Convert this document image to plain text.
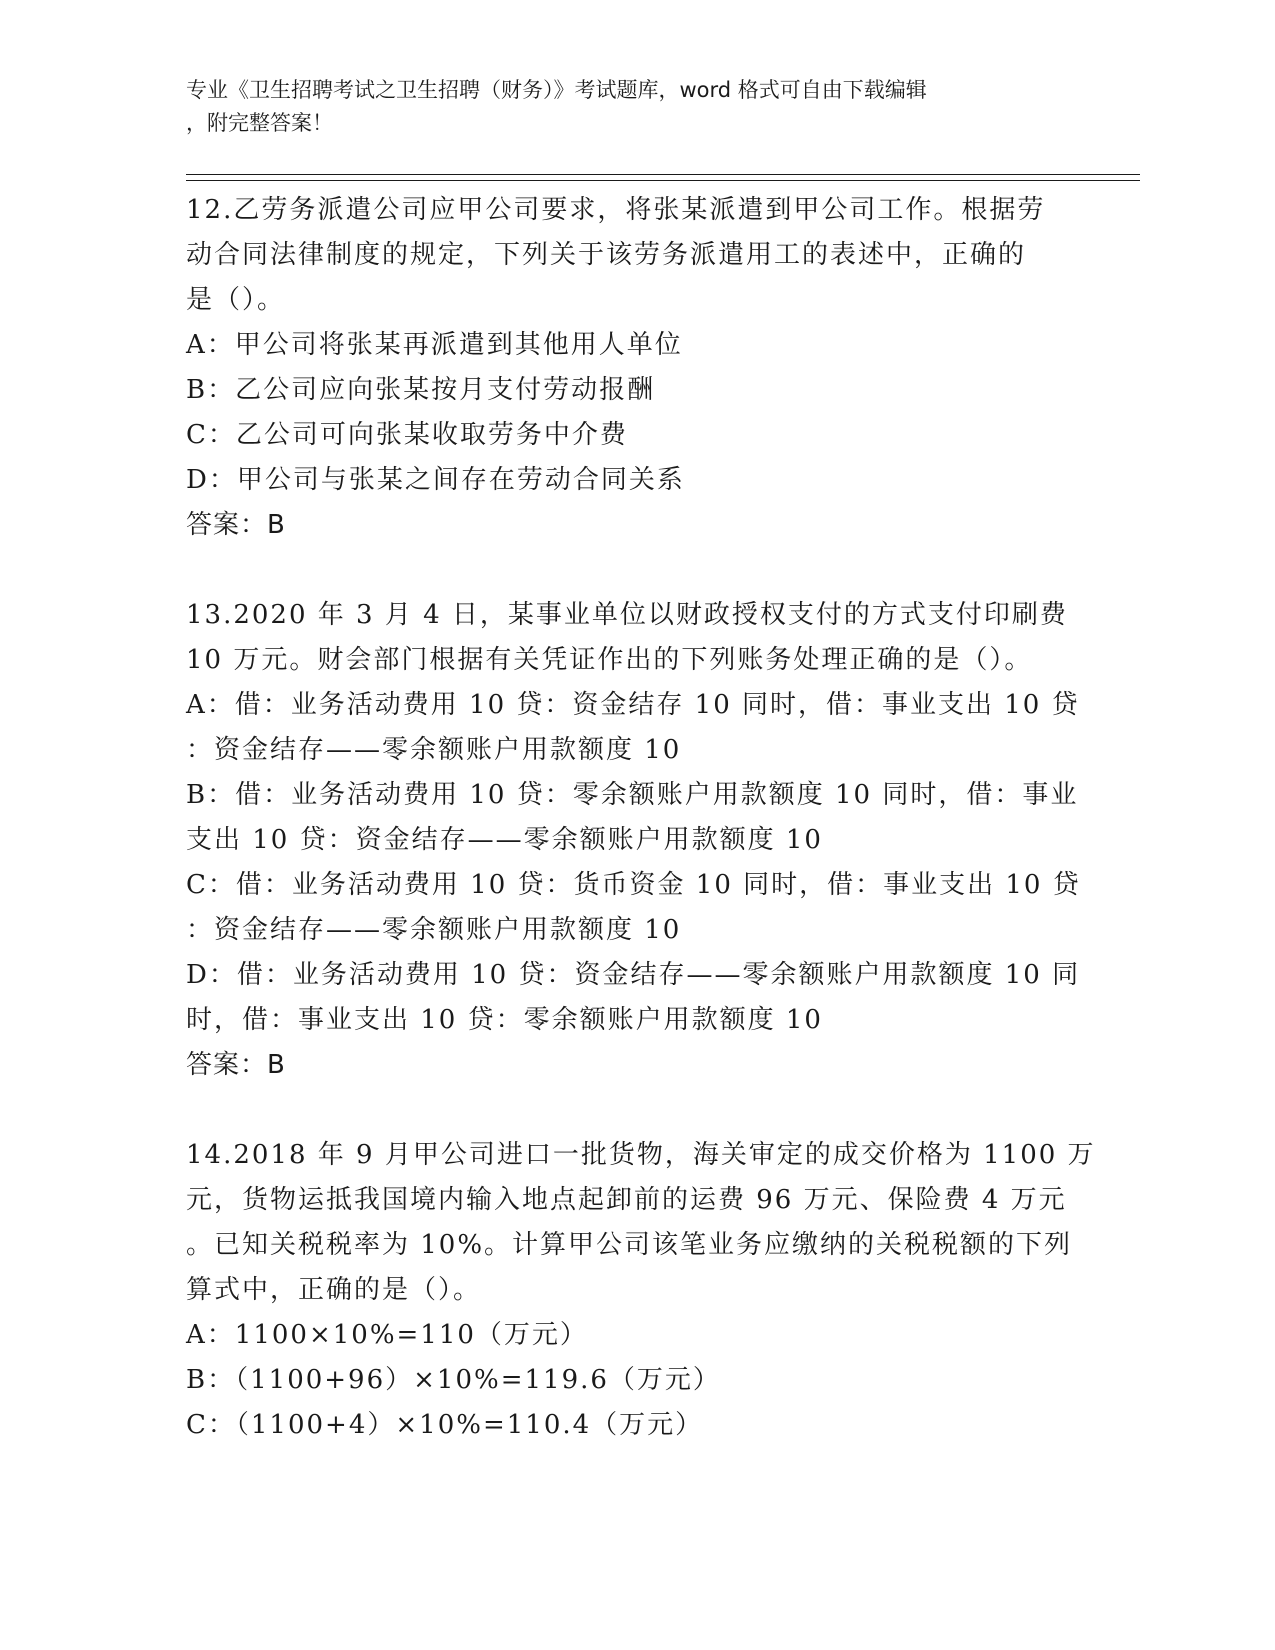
专业《卫生招聘考试之卫生招聘（财务）》考试题库，word 格式可自由下载编辑
，附完整答案！
12.乙劳务派遣公司应甲公司要求，将张某派遣到甲公司工作。根据劳
动合同法律制度的规定，下列关于该劳务派遣用工的表述中，正确的
是（）。
A：甲公司将张某再派遣到其他用人单位
B：乙公司应向张某按月支付劳动报酬
C：乙公司可向张某收取劳务中介费
D：甲公司与张某之间存在劳动合同关系
答案：B
13.2020 年 3 月 4 日，某事业单位以财政授权支付的方式支付印刷费
10 万元。财会部门根据有关凭证作出的下列账务处理正确的是（）。
A：借：业务活动费用 10 贷：资金结存 10 同时，借：事业支出 10 贷
：资金结存——零余额账户用款额度 10
B：借：业务活动费用 10 贷：零余额账户用款额度 10 同时，借：事业
支出 10 贷：资金结存——零余额账户用款额度 10
C：借：业务活动费用 10 贷：货币资金 10 同时，借：事业支出 10 贷
：资金结存——零余额账户用款额度 10
D：借：业务活动费用 10 贷：资金结存——零余额账户用款额度 10 同
时，借：事业支出 10 贷：零余额账户用款额度 10
答案：B
14.2018 年 9 月甲公司进口一批货物，海关审定的成交价格为 1100 万
元，货物运抵我国境内输入地点起卸前的运费 96 万元、保险费 4 万元
。已知关税税率为 10%。计算甲公司该笔业务应缴纳的关税税额的下列
算式中，正确的是（）。
A：1100×10%=110（万元）
B：（1100+96）×10%=119.6（万元）
C：（1100+4）×10%=110.4（万元）
